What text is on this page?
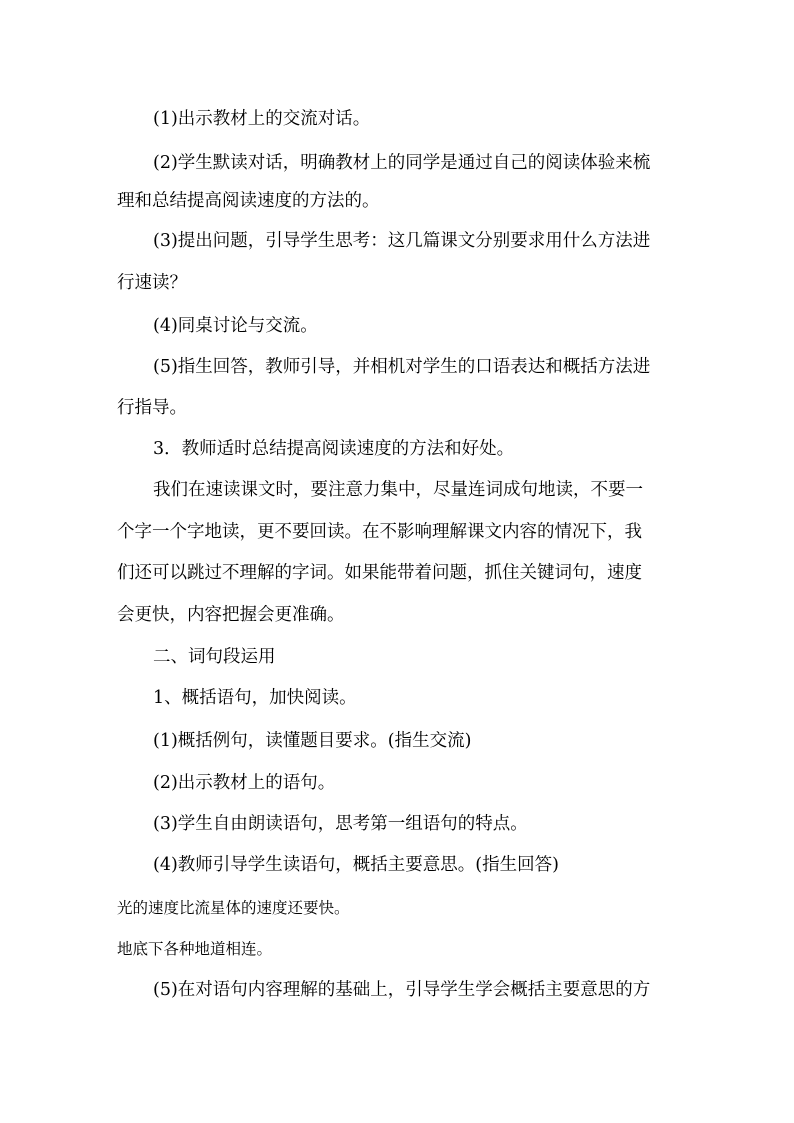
(1)出示教材上的交流对话。
(2)学生默读对话，明确教材上的同学是通过自己的阅读体验来梳
理和总结提高阅读速度的方法的。
(3)提出问题，引导学生思考：这几篇课文分别要求用什么方法进
行速读？
(4)同桌讨论与交流。
(5)指生回答，教师引导，并相机对学生的口语表达和概括方法进
行指导。
3．教师适时总结提高阅读速度的方法和好处。
我们在速读课文时，要注意力集中，尽量连词成句地读，不要一
个字一个字地读，更不要回读。在不影响理解课文内容的情况下，我
们还可以跳过不理解的字词。如果能带着问题，抓住关键词句，速度
会更快，内容把握会更准确。
二、词句段运用
1、概括语句，加快阅读。
(1)概括例句，读懂题目要求。(指生交流)
(2)出示教材上的语句。
(3)学生自由朗读语句，思考第一组语句的特点。
(4)教师引导学生读语句，概括主要意思。(指生回答)
光的速度比流星体的速度还要快。
地底下各种地道相连。
(5)在对语句内容理解的基础上，引导学生学会概括主要意思的方
